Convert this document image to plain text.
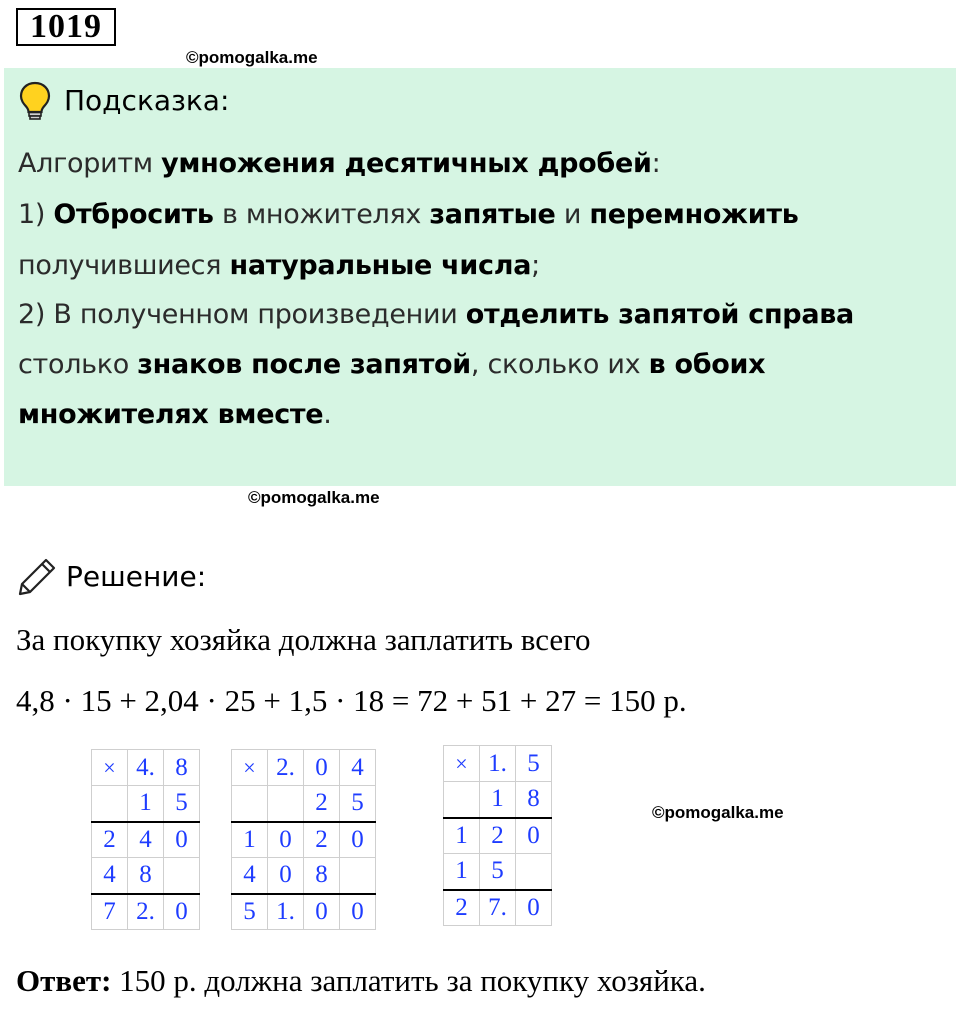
1019
©pomogalka.me
Подсказка:
Алгоритм умножения десятичных дробей:
1) Отбросить в множителях запятые и перемножить
получившиеся натуральные числа;
2) В полученном произведении отделить запятой справа
столько знаков после запятой, сколько их в обоих
множителях вместе.
©pomogalka.me
Решение:
За покупку хозяйка должна заплатить всего
4,8 · 15 + 2,04 · 25 + 1,5 · 18 = 72 + 51 + 27 = 150 р.
×	4.	8
	1	5
2	4	0
4	8	
7	2.	0
×	2.	0	4
		2	5
1	0	2	0
4	0	8	
5	1.	0	0
×	1.	5
	1	8
1	2	0
1	5	
2	7.	0
©pomogalka.me
Ответ: 150 р. должна заплатить за покупку хозяйка.
